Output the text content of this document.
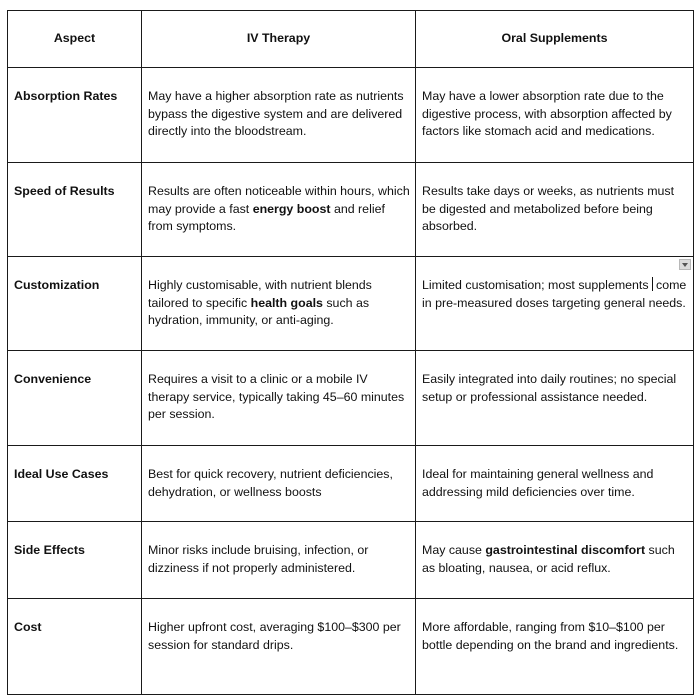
Aspect	IV Therapy	Oral Supplements
Absorption Rates	May have a higher absorption rate as nutrients bypass the digestive system and are delivered directly into the bloodstream.	May have a lower absorption rate due to the digestive process, with absorption affected by factors like stomach acid and medications.
Speed of Results	Results are often noticeable within hours, which may provide a fast energy boost and relief from symptoms.	Results take days or weeks, as nutrients must be digested and metabolized before being absorbed.
Customization	Highly customisable, with nutrient blends tailored to specific health goals such as hydration, immunity, or anti-aging.	Limited customisation; most supplements come in pre-measured doses targeting general needs.
Convenience	Requires a visit to a clinic or a mobile IV therapy service, typically taking 45–60 minutes per session.	Easily integrated into daily routines; no special setup or professional assistance needed.
Ideal Use Cases	Best for quick recovery, nutrient deficiencies, dehydration, or wellness boosts	Ideal for maintaining general wellness and addressing mild deficiencies over time.
Side Effects	Minor risks include bruising, infection, or dizziness if not properly administered.	May cause gastrointestinal discomfort such as bloating, nausea, or acid reflux.
Cost	Higher upfront cost, averaging $100–$300 per session for standard drips.	More affordable, ranging from $10–$100 per bottle depending on the brand and ingredients.
